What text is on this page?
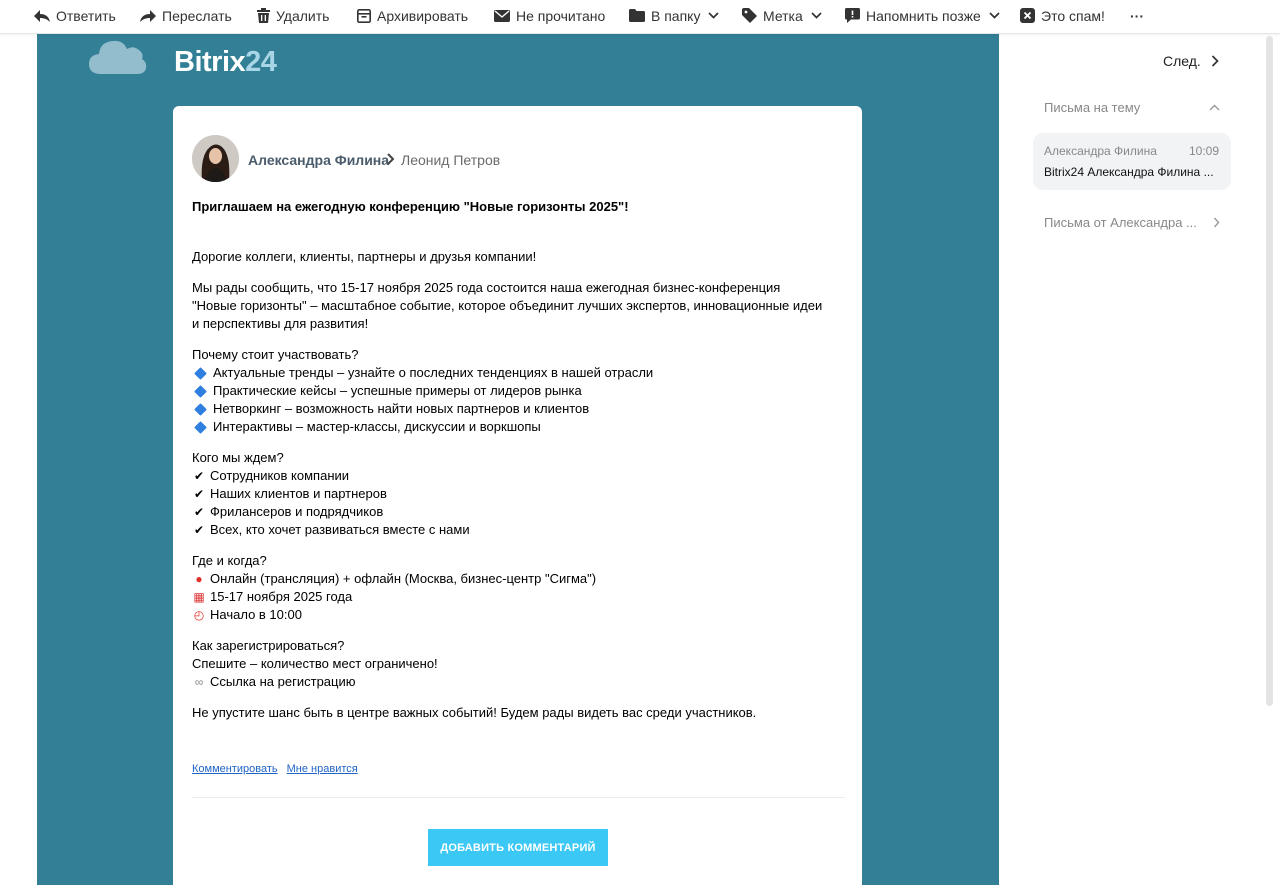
Ответить	Переслать	Удалить	Архивировать	Не прочитано	В папку	Метка	Напомнить позже	Это спам! ···
Bitrix24
Александра Филина Леонид Петров

Приглашаем на ежегодную конференцию "Новые горизонты 2025"!

Дорогие коллеги, клиенты, партнеры и друзья компании!

Мы рады сообщить, что 15-17 ноября 2025 года состоится наша ежегодная бизнес-конференция

"Новые горизонты" – масштабное событие, которое объединит лучших экспертов, инновационные идеи

и перспективы для развития!

Почему стоит участвовать?

Актуальные тренды – узнайте о последних тенденциях в нашей отрасли
Практические кейсы – успешные примеры от лидеров рынка
Нетворкинг – возможность найти новых партнеров и клиентов
Интерактивы – мастер-классы, дискуссии и воркшопы

Кого мы ждем?

✔ Сотрудников компании
✔ Наших клиентов и партнеров
✔ Фрилансеров и подрядчиков
✔ Всех, кто хочет развиваться вместе с нами

Где и когда?

● Онлайн (трансляция) + офлайн (Москва, бизнес-центр "Сигма")
▦ 15-17 ноября 2025 года
◴ Начало в 10:00

Как зарегистрироваться?

Спешите – количество мест ограничено!

∞ Ссылка на регистрацию

Не упустите шанс быть в центре важных событий! Будем рады видеть вас среди участников.

Комментировать Мне нравится
ДОБАВИТЬ КОММЕНТАРИЙ
След.
Письма на тему
Александра Филина	10:09
Bitrix24 Александра Филина ...
Письма от Александра ...
